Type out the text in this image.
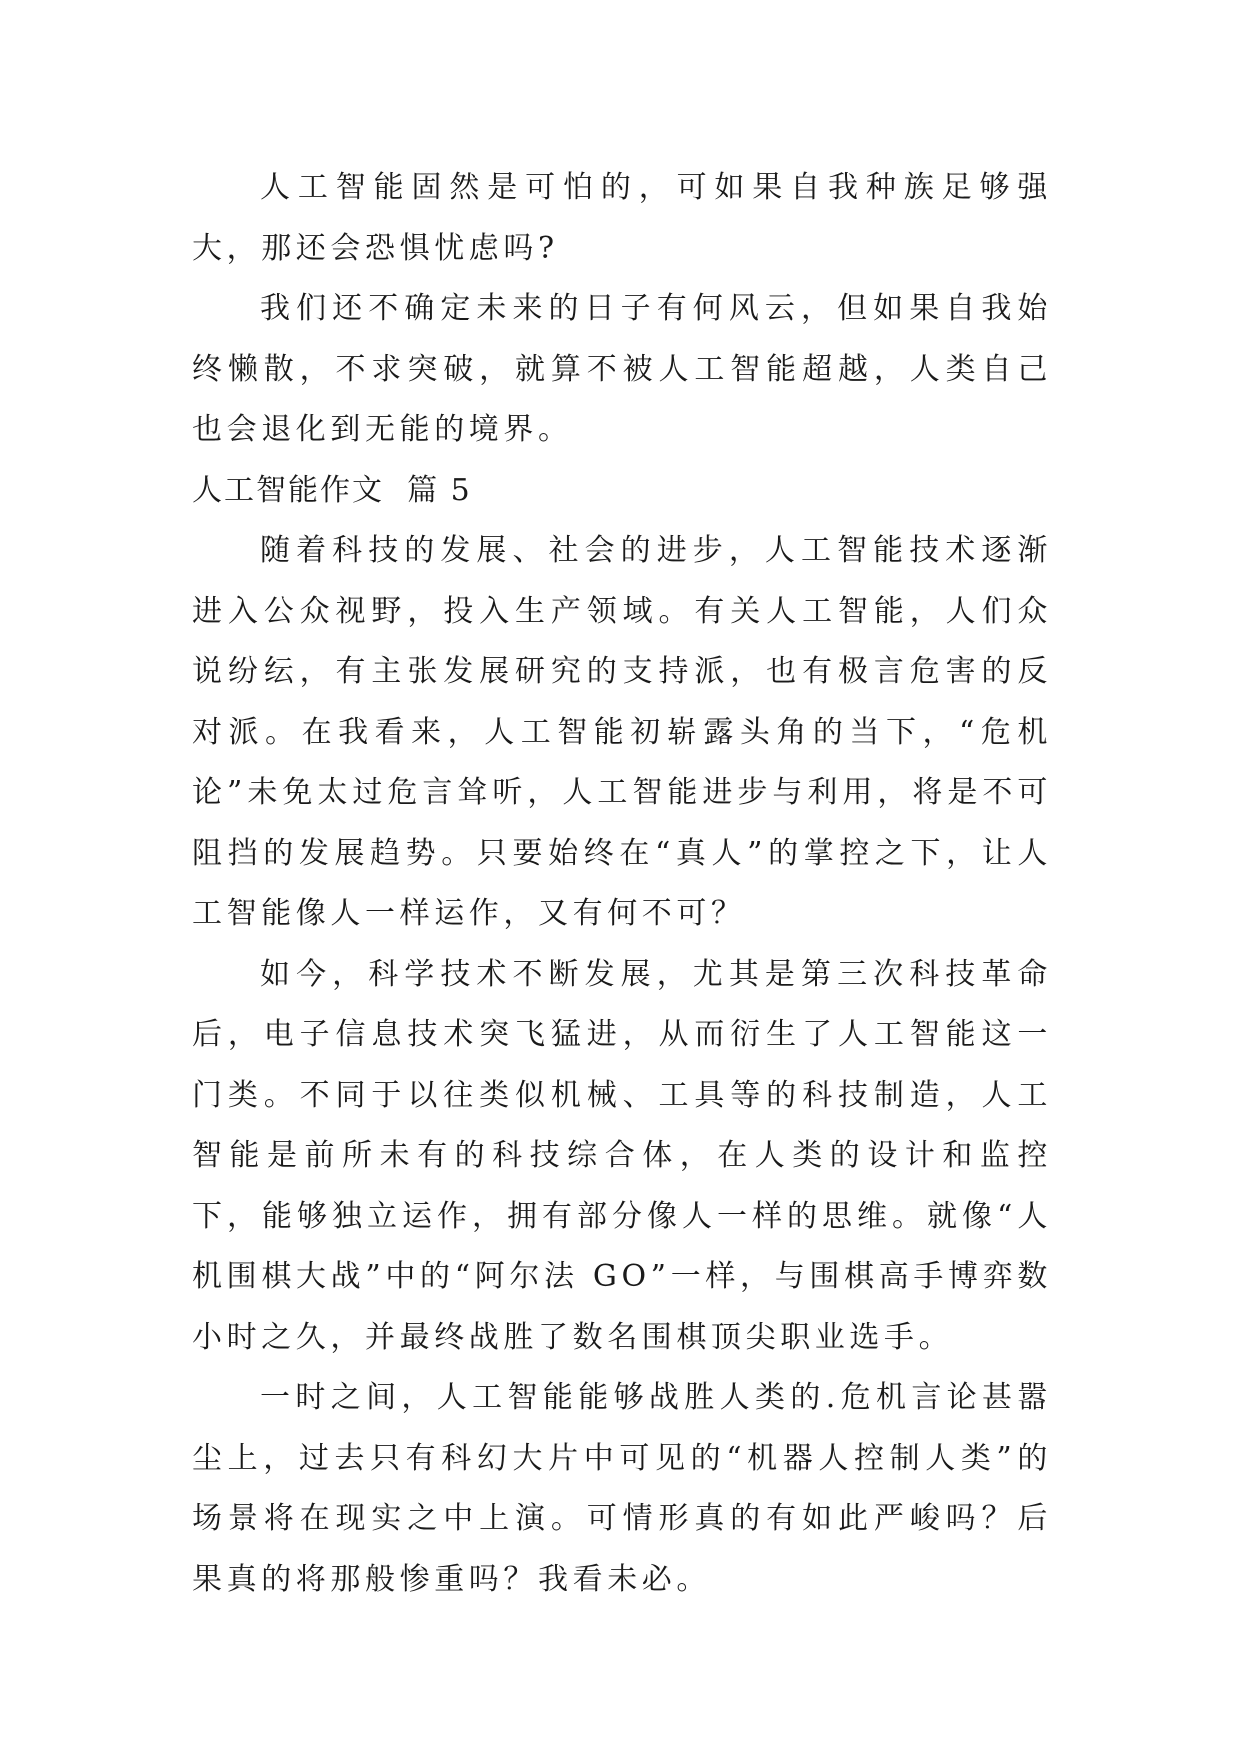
人工智能固然是可怕的，可如果自我种族足够强大，那还会恐惧忧虑吗?

我们还不确定未来的日子有何风云，但如果自我始终懒散，不求突破，就算不被人工智能超越，人类自己也会退化到无能的境界。

人工智能作文  篇 5

随着科技的发展、社会的进步，人工智能技术逐渐进入公众视野，投入生产领域。有关人工智能，人们众说纷纭，有主张发展研究的支持派，也有极言危害的反对派。在我看来，人工智能初崭露头角的当下，“危机论”未免太过危言耸听，人工智能进步与利用，将是不可阻挡的发展趋势。只要始终在“真人”的掌控之下，让人工智能像人一样运作，又有何不可？

如今，科学技术不断发展，尤其是第三次科技革命后，电子信息技术突飞猛进，从而衍生了人工智能这一门类。不同于以往类似机械、工具等的科技制造，人工智能是前所未有的科技综合体，在人类的设计和监控下，能够独立运作，拥有部分像人一样的思维。就像“人机围棋大战”中的“阿尔法 GO”一样，与围棋高手博弈数小时之久，并最终战胜了数名围棋顶尖职业选手。

一时之间，人工智能能够战胜人类的.危机言论甚嚣尘上，过去只有科幻大片中可见的“机器人控制人类”的场景将在现实之中上演。可情形真的有如此严峻吗？后果真的将那般惨重吗？我看未必。
